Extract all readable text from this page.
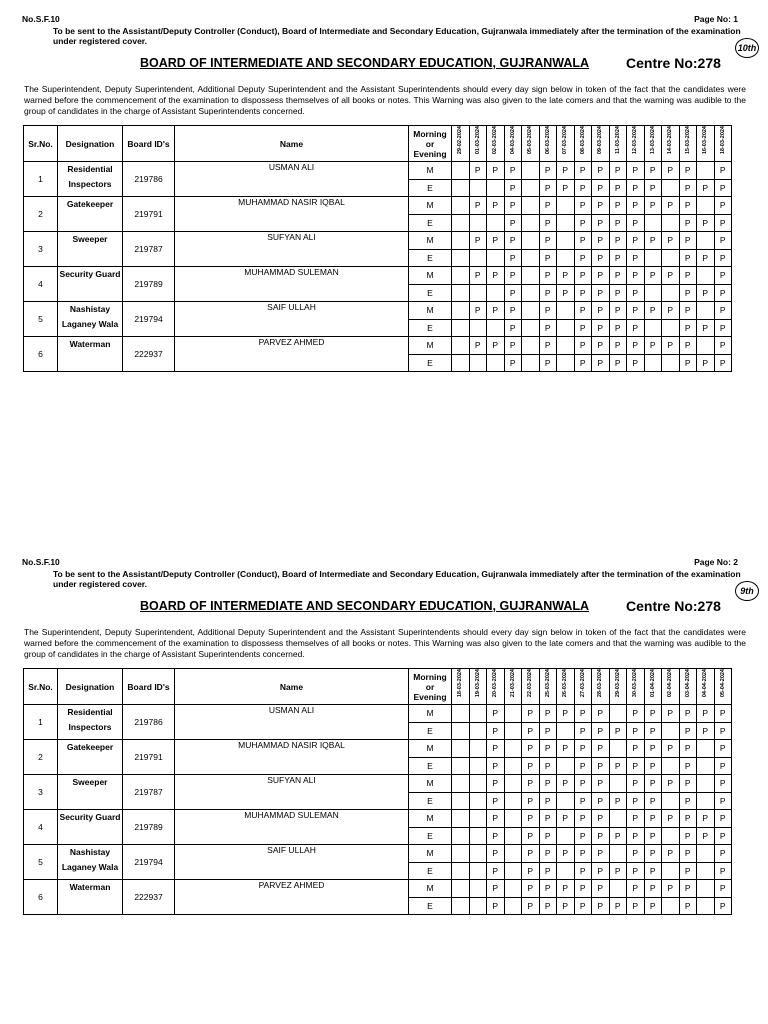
No.S.F.10	Page No: 1
To be sent to the Assistant/Deputy Controller (Conduct), Board of Intermediate and Secondary Education, Gujranwala immediately after the termination of the examination under registered cover.
10th
BOARD OF INTERMEDIATE AND SECONDARY EDUCATION, GUJRANWALA	Centre No:278
The Superintendent, Deputy Superintendent, Additional Deputy Superintendent and the Assistant Superintendents should every day sign below in token of the fact that the candidates were warned before the commencement of the examination to dispossess themselves of all books or notes. This Warning was also given to the late comers and that the warning was audible to the group of candidates in the charge of Assistant Superintendents concerned.
Sr.No.	Designation	Board ID's	Name	Morning or Evening	29-02-2024	01-03-2024	02-03-2024	04-03-2024	05-03-2024	06-03-2024	07-03-2024	08-03-2024	09-03-2024	11-03-2024	12-03-2024	13-03-2024	14-03-2024	15-03-2024	16-03-2024	18-03-2024
1	Residential
Inspectors	219786	USMAN ALI	M		P	P	P		P	P	P	P	P	P	P	P	P		P
				E				P		P	P	P	P	P	P	P		P	P	P
2	Gatekeeper	219791	MUHAMMAD NASIR IQBAL	M		P	P	P		P		P	P	P	P	P	P	P		P
				E				P		P		P	P	P	P			P	P	P
3	Sweeper	219787	SUFYAN ALI	M		P	P	P		P		P	P	P	P	P	P	P		P
				E				P		P		P	P	P	P			P	P	P
4	Security Guard	219789	MUHAMMAD SULEMAN	M		P	P	P		P	P	P	P	P	P	P	P	P		P
				E				P		P	P	P	P	P	P			P	P	P
5	Nashistay
Laganey Wala	219794	SAIF ULLAH	M		P	P	P		P		P	P	P	P	P	P	P		P
				E				P		P		P	P	P	P			P	P	P
6	Waterman	222937	PARVEZ AHMED	M		P	P	P		P		P	P	P	P	P	P	P		P
				E				P		P		P	P	P	P			P	P	P
No.S.F.10	Page No: 2
To be sent to the Assistant/Deputy Controller (Conduct), Board of Intermediate and Secondary Education, Gujranwala immediately after the termination of the examination under registered cover.
9th
BOARD OF INTERMEDIATE AND SECONDARY EDUCATION, GUJRANWALA	Centre No:278
The Superintendent, Deputy Superintendent, Additional Deputy Superintendent and the Assistant Superintendents should every day sign below in token of the fact that the candidates were warned before the commencement of the examination to dispossess themselves of all books or notes. This Warning was also given to the late comers and that the warning was audible to the group of candidates in the charge of Assistant Superintendents concerned.
Sr.No.	Designation	Board ID's	Name	Morning or Evening	18-03-2024	19-03-2024	20-03-2024	21-03-2024	22-03-2024	25-03-2024	26-03-2024	27-03-2024	28-03-2024	29-03-2024	30-03-2024	01-04-2024	02-04-2024	03-04-2024	04-04-2024	05-04-2024
1	Residential
Inspectors	219786	USMAN ALI	M			P		P	P	P	P	P		P	P	P	P	P	P
				E			P		P	P		P	P	P	P	P		P	P	P
2	Gatekeeper	219791	MUHAMMAD NASIR IQBAL	M			P		P	P	P	P	P		P	P	P	P		P
				E			P		P	P		P	P	P	P	P		P		P
3	Sweeper	219787	SUFYAN ALI	M			P		P	P	P	P	P		P	P	P	P		P
				E			P		P	P		P	P	P	P	P		P		P
4	Security Guard	219789	MUHAMMAD SULEMAN	M			P		P	P	P	P	P		P	P	P	P	P	P
				E			P		P	P		P	P	P	P	P		P	P	P
5	Nashistay
Laganey Wala	219794	SAIF ULLAH	M			P		P	P	P	P	P		P	P	P	P		P
				E			P		P	P		P	P	P	P	P		P		P
6	Waterman	222937	PARVEZ AHMED	M			P		P	P	P	P	P		P	P	P	P		P
				E			P		P	P	P	P	P	P	P	P		P		P
